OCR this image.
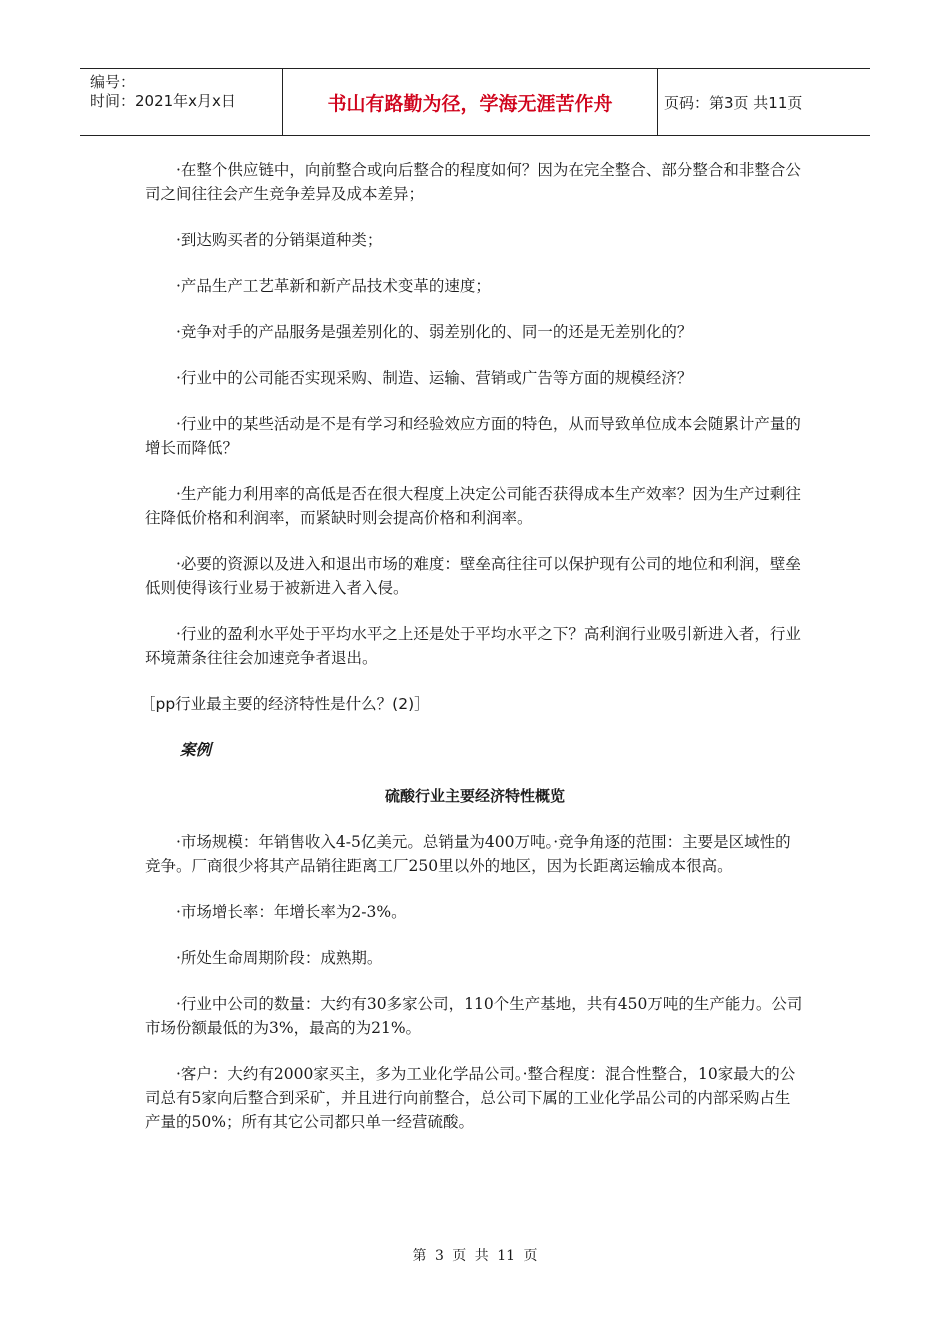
编号：
时间：2021年x月x日	书山有路勤为径，学海无涯苦作舟	页码：第3页 共11页

·在整个供应链中，向前整合或向后整合的程度如何？因为在完全整合、部分整合和非整合公司之间往往会产生竞争差异及成本差异；

·到达购买者的分销渠道种类；

·产品生产工艺革新和新产品技术变革的速度；

·竞争对手的产品服务是强差别化的、弱差别化的、同一的还是无差别化的？

·行业中的公司能否实现采购、制造、运输、营销或广告等方面的规模经济？

·行业中的某些活动是不是有学习和经验效应方面的特色，从而导致单位成本会随累计产量的增长而降低？

·生产能力利用率的高低是否在很大程度上决定公司能否获得成本生产效率？因为生产过剩往往降低价格和利润率，而紧缺时则会提高价格和利润率。

·必要的资源以及进入和退出市场的难度：壁垒高往往可以保护现有公司的地位和利润，壁垒低则使得该行业易于被新进入者入侵。

·行业的盈利水平处于平均水平之上还是处于平均水平之下？高利润行业吸引新进入者，行业环境萧条往往会加速竞争者退出。

［pp行业最主要的经济特性是什么？(2)］

案例

硫酸行业主要经济特性概览

·市场规模：年销售收入4-5亿美元。总销量为400万吨。·竞争角逐的范围：主要是区域性的竞争。厂商很少将其产品销往距离工厂250里以外的地区，因为长距离运输成本很高。

·市场增长率：年增长率为2-3%。

·所处生命周期阶段：成熟期。

·行业中公司的数量：大约有30多家公司，110个生产基地，共有450万吨的生产能力。公司市场份额最低的为3%，最高的为21%。

·客户：大约有2000家买主，多为工业化学品公司。·整合程度：混合性整合，10家最大的公司总有5家向后整合到采矿，并且进行向前整合，总公司下属的工业化学品公司的内部采购占生产量的50%；所有其它公司都只单一经营硫酸。

第 3 页 共 11 页
